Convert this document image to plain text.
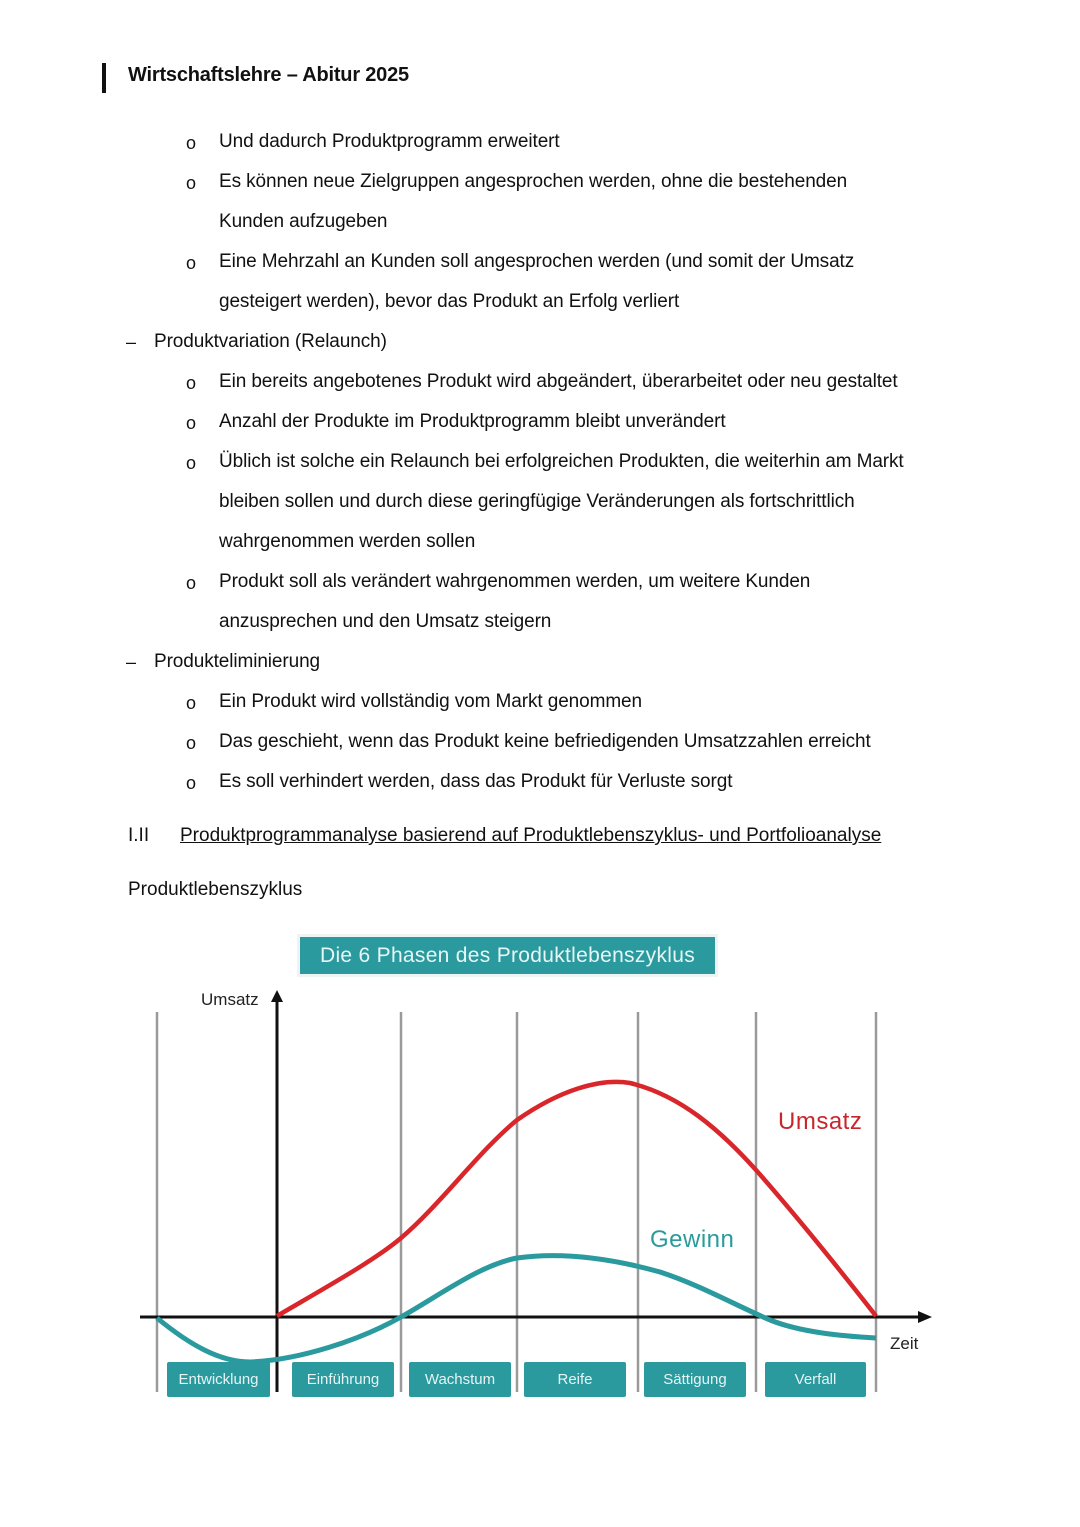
Wirtschaftslehre – Abitur 2025
o Und dadurch Produktprogramm erweitert
o Es können neue Zielgruppen angesprochen werden, ohne die bestehenden
Kunden aufzugeben
o Eine Mehrzahl an Kunden soll angesprochen werden (und somit der Umsatz
gesteigert werden), bevor das Produkt an Erfolg verliert
– Produktvariation (Relaunch)
o Ein bereits angebotenes Produkt wird abgeändert, überarbeitet oder neu gestaltet
o Anzahl der Produkte im Produktprogramm bleibt unverändert
o Üblich ist solche ein Relaunch bei erfolgreichen Produkten, die weiterhin am Markt
bleiben sollen und durch diese geringfügige Veränderungen als fortschrittlich
wahrgenommen werden sollen
o Produkt soll als verändert wahrgenommen werden, um weitere Kunden
anzusprechen und den Umsatz steigern
– Produkteliminierung
o Ein Produkt wird vollständig vom Markt genommen
o Das geschieht, wenn das Produkt keine befriedigenden Umsatzzahlen erreicht
o Es soll verhindert werden, dass das Produkt für Verluste sorgt
I.II Produktprogrammanalyse basierend auf Produktlebenszyklus- und Portfolioanalyse
Produktlebenszyklus
Die 6 Phasen des Produktlebenszyklus
Umsatz
Zeit
Umsatz
Gewinn
Entwicklung	Einführung	Wachstum	Reife	Sättigung	Verfall
